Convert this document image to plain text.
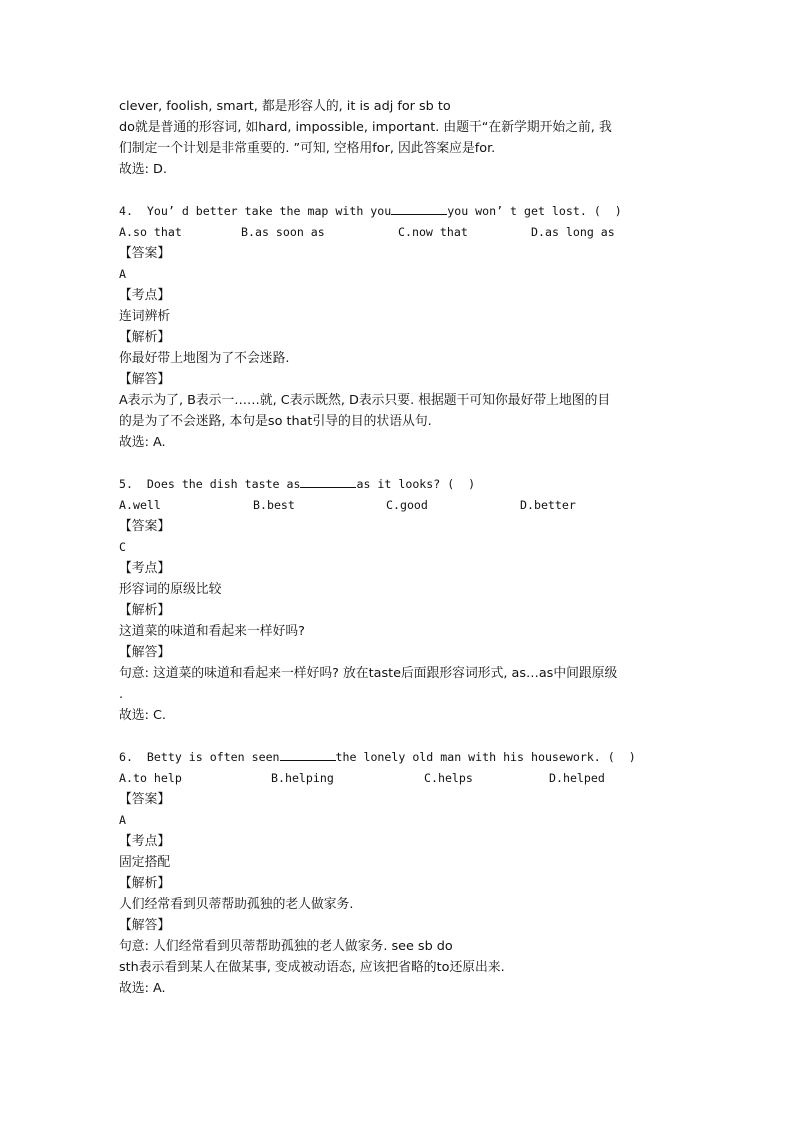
clever, foolish, smart, 都是形容人的, it is adj for sb to
do就是普通的形容词, 如hard, impossible, important. 由题干“在新学期开始之前, 我
们制定一个计划是非常重要的. ”可知, 空格用for, 因此答案应是for.
故选: D.
4.  You’ d better take the map with you	you won’ t get lost. (  )
A.so that	B.as soon as	C.now that	D.as long as
【答案】
A
【考点】
连词辨析
【解析】
你最好带上地图为了不会迷路.
【解答】
A表示为了, B表示一……就, C表示既然, D表示只要. 根据题干可知你最好带上地图的目
的是为了不会迷路, 本句是so that引导的目的状语从句.
故选: A.
5.  Does the dish taste as	as it looks? (  )
A.well	B.best	C.good	D.better
【答案】
C
【考点】
形容词的原级比较
【解析】
这道菜的味道和看起来一样好吗?
【解答】
句意: 这道菜的味道和看起来一样好吗? 放在taste后面跟形容词形式, as…as中间跟原级
.
故选: C.
6.  Betty is often seen	the lonely old man with his housework. (  )
A.to help	B.helping	C.helps	D.helped
【答案】
A
【考点】
固定搭配
【解析】
人们经常看到贝蒂帮助孤独的老人做家务.
【解答】
句意: 人们经常看到贝蒂帮助孤独的老人做家务. see sb do
sth表示看到某人在做某事, 变成被动语态, 应该把省略的to还原出来.
故选: A.
